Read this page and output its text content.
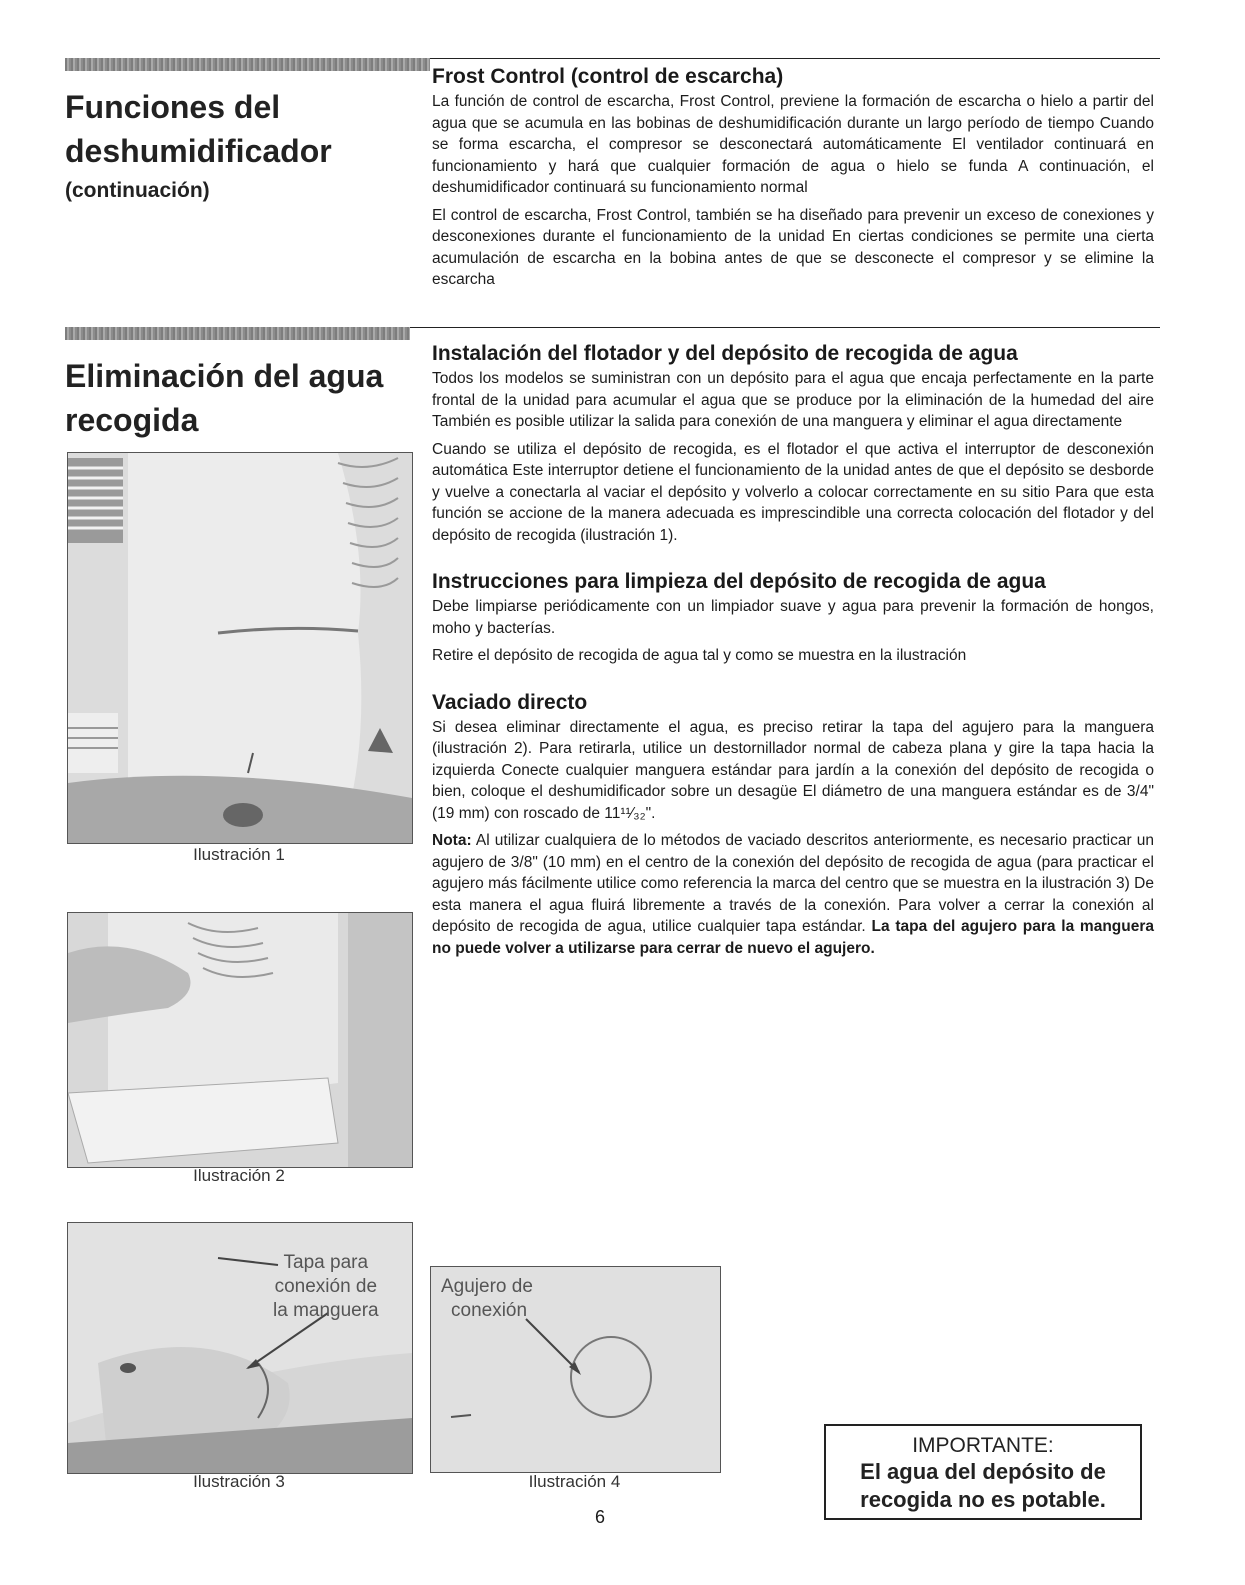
Funciones del
deshumidificador
(continuación)
Frost Control (control de escarcha)

La función de control de escarcha, Frost Control, previene la formación de escarcha o hielo a partir del agua que se acumula en las bobinas de deshumidificación durante un largo período de tiempo Cuando se forma escarcha, el compresor se desconectará automáticamente El ventilador continuará en funcionamiento y hará que cualquier formación de agua o hielo se funda A continuación, el deshumidificador continuará su funcionamiento normal

El control de escarcha, Frost Control, también se ha diseñado para prevenir un exceso de conexiones y desconexiones durante el funcionamiento de la unidad En ciertas condiciones se permite una cierta acumulación de escarcha en la bobina antes de que se desconecte el compresor y se elimine la escarcha

Eliminación del agua
recogida
Instalación del flotador y del depósito de recogida de agua

Todos los modelos se suministran con un depósito para el agua que encaja perfectamente en la parte frontal de la unidad para acumular el agua que se produce por la eliminación de la humedad del aire También es posible utilizar la salida para conexión de una manguera y eliminar el agua directamente

Cuando se utiliza el depósito de recogida, es el flotador el que activa el interruptor de desconexión automática Este interruptor detiene el funcionamiento de la unidad antes de que el depósito se desborde y vuelve a conectarla al vaciar el depósito y volverlo a colocar correctamente en su sitio Para que esta función se accione de la manera adecuada es imprescindible una correcta colocación del flotador y del depósito de recogida (ilustración 1).

Instrucciones para limpieza del depósito de recogida de agua

Debe limpiarse periódicamente con un limpiador suave y agua para prevenir la formación de hongos, moho y bacterías.

Retire el depósito de recogida de agua tal y como se muestra en la ilustración

Vaciado directo

Si desea eliminar directamente el agua, es preciso retirar la tapa del agujero para la manguera (ilustración 2). Para retirarla, utilice un destornillador normal de cabeza plana y gire la tapa hacia la izquierda Conecte cualquier manguera estándar para jardín a la conexión del depósito de recogida o bien, coloque el deshumidificador sobre un desagüe El diámetro de una manguera estándar es de 3/4" (19 mm) con roscado de 11¹¹⁄₃₂".

Nota: Al utilizar cualquiera de lo métodos de vaciado descritos anteriormente, es necesario practicar un agujero de 3/8" (10 mm) en el centro de la conexión del depósito de recogida de agua (para practicar el agujero más fácilmente utilice como referencia la marca del centro que se muestra en la ilustración 3) De esta manera el agua fluirá libremente a través de la conexión. Para volver a cerrar la conexión al depósito de recogida de agua, utilice cualquier tapa estándar. La tapa del agujero para la manguera no puede volver a utilizarse para cerrar de nuevo el agujero.

Ilustración 1
Ilustración 2
Tapa para
conexión de
la manguera
Ilustración 3
Agujero de
conexión
Ilustración 4
IMPORTANTE:
El agua del depósito de
recogida no es potable.
6
